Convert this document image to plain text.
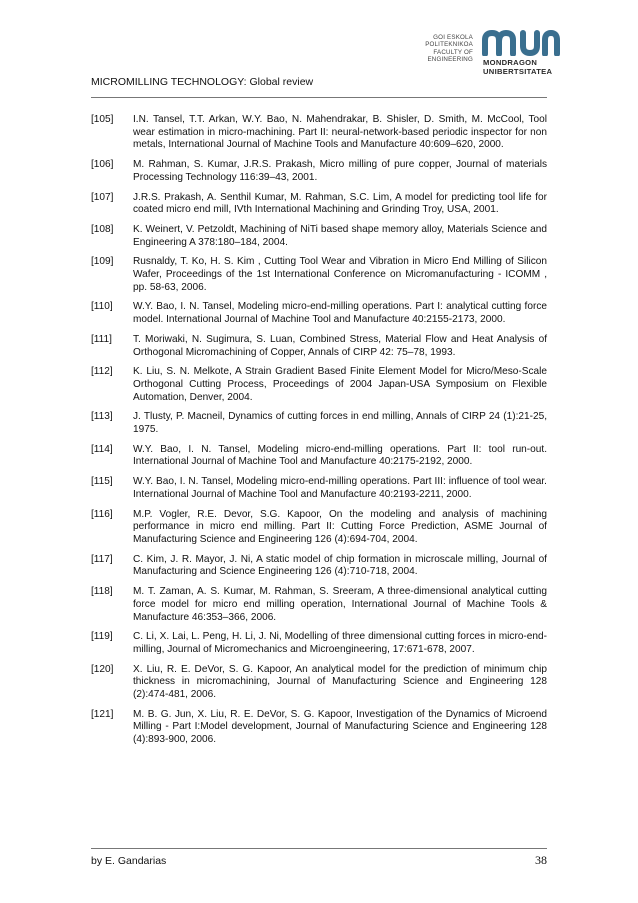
GOI ESKOLA
POLITEKNIKOA
FACULTY OF
ENGINEERING MONDRAGON
UNIBERTSITATEA
MICROMILLING TECHNOLOGY: Global review
[105]	I.N. Tansel, T.T. Arkan, W.Y. Bao, N. Mahendrakar, B. Shisler, D. Smith, M. McCool, Tool wear estimation in micro-machining. Part II: neural-network-based periodic inspector for non metals, International Journal of Machine Tools and Manufacture 40:609–620, 2000.
[106]	M. Rahman, S. Kumar, J.R.S. Prakash, Micro milling of pure copper, Journal of materials Processing Technology 116:39–43, 2001.
[107]	J.R.S. Prakash, A. Senthil Kumar, M. Rahman, S.C. Lim, A model for predicting tool life for coated micro end mill, IVth International Machining and Grinding Troy, USA, 2001.
[108]	K. Weinert, V. Petzoldt, Machining of NiTi based shape memory alloy, Materials Science and Engineering A 378:180–184, 2004.
[109]	Rusnaldy, T. Ko, H. S. Kim , Cutting Tool Wear and Vibration in Micro End Milling of Silicon Wafer, Proceedings of the 1st International Conference on Micromanufacturing - ICOMM , pp. 58-63, 2006.
[110]	W.Y. Bao, I. N. Tansel, Modeling micro-end-milling operations. Part I: analytical cutting force model. International Journal of Machine Tool and Manufacture 40:2155-2173, 2000.
[111]	T. Moriwaki, N. Sugimura, S. Luan, Combined Stress, Material Flow and Heat Analysis of Orthogonal Micromachining of Copper, Annals of CIRP 42: 75–78, 1993.
[112]	K. Liu, S. N. Melkote, A Strain Gradient Based Finite Element Model for Micro/Meso-Scale Orthogonal Cutting Process, Proceedings of 2004 Japan-USA Symposium on Flexible Automation, Denver, 2004.
[113]	J. Tlusty, P. Macneil, Dynamics of cutting forces in end milling, Annals of CIRP 24 (1):21-25, 1975.
[114]	W.Y. Bao, I. N. Tansel, Modeling micro-end-milling operations. Part II: tool run-out. International Journal of Machine Tool and Manufacture 40:2175-2192, 2000.
[115]	W.Y. Bao, I. N. Tansel, Modeling micro-end-milling operations. Part III: influence of tool wear. International Journal of Machine Tool and Manufacture 40:2193-2211, 2000.
[116]	M.P. Vogler, R.E. Devor, S.G. Kapoor, On the modeling and analysis of machining performance in micro end milling. Part II: Cutting Force Prediction, ASME Journal of Manufacturing Science and Engineering 126 (4):694-704, 2004.
[117]	C. Kim, J. R. Mayor, J. Ni, A static model of chip formation in microscale milling, Journal of Manufacturing and Science Engineering 126 (4):710-718, 2004.
[118]	M. T. Zaman, A. S. Kumar, M. Rahman, S. Sreeram, A three-dimensional analytical cutting force model for micro end milling operation, International Journal of Machine Tools & Manufacture 46:353–366, 2006.
[119]	C. Li, X. Lai, L. Peng, H. Li, J. Ni, Modelling of three dimensional cutting forces in micro-end-milling, Journal of Micromechanics and Microengineering, 17:671-678, 2007.
[120]	X. Liu, R. E. DeVor, S. G. Kapoor, An analytical model for the prediction of minimum chip thickness in micromachining, Journal of Manufacturing Science and Engineering 128 (2):474-481, 2006.
[121]	M. B. G. Jun, X. Liu, R. E. DeVor, S. G. Kapoor, Investigation of the Dynamics of Microend Milling - Part I:Model development, Journal of Manufacturing Science and Engineering 128 (4):893-900, 2006.
by E. Gandarias	38
